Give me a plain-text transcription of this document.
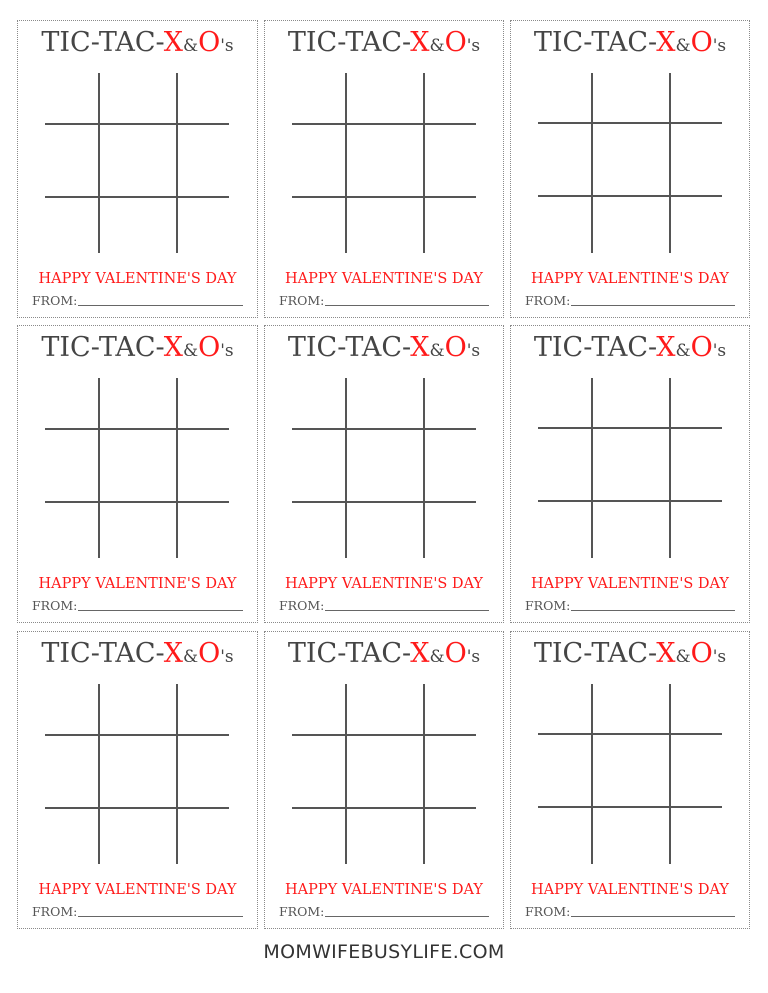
TIC-TAC-X&O's
HAPPY VALENTINE'S DAY
FROM:
TIC-TAC-X&O's
HAPPY VALENTINE'S DAY
FROM:
TIC-TAC-X&O's
HAPPY VALENTINE'S DAY
FROM:
TIC-TAC-X&O's
HAPPY VALENTINE'S DAY
FROM:
TIC-TAC-X&O's
HAPPY VALENTINE'S DAY
FROM:
TIC-TAC-X&O's
HAPPY VALENTINE'S DAY
FROM:
TIC-TAC-X&O's
HAPPY VALENTINE'S DAY
FROM:
TIC-TAC-X&O's
HAPPY VALENTINE'S DAY
FROM:
TIC-TAC-X&O's
HAPPY VALENTINE'S DAY
FROM:
MOMWIFEBUSYLIFE.COM
